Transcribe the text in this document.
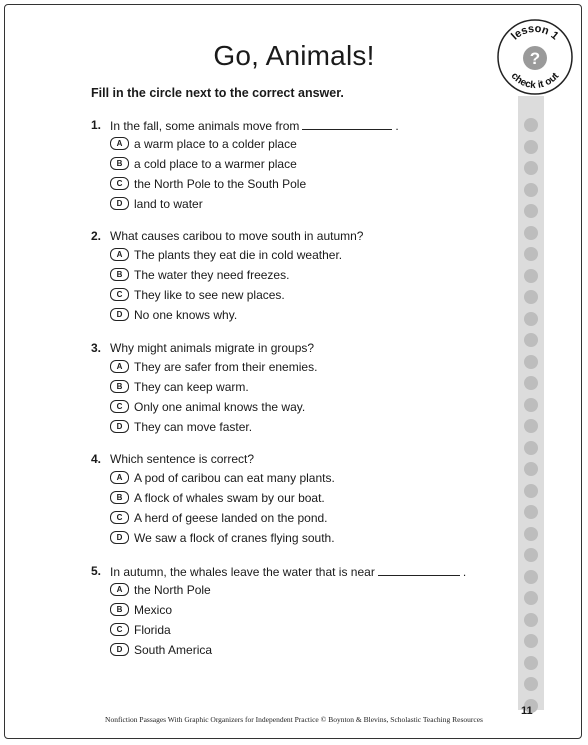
Go, Animals!
Fill in the circle next to the correct answer.
lesson 1
check it out
?
1. In the fall, some animals move from	.
A a warm place to a colder place
B a cold place to a warmer place
C the North Pole to the South Pole
D land to water
2. What causes caribou to move south in autumn?
A The plants they eat die in cold weather.
B The water they need freezes.
C They like to see new places.
D No one knows why.
3. Why might animals migrate in groups?
A They are safer from their enemies.
B They can keep warm.
C Only one animal knows the way.
D They can move faster.
4. Which sentence is correct?
A A pod of caribou can eat many plants.
B A flock of whales swam by our boat.
C A herd of geese landed on the pond.
D We saw a flock of cranes flying south.
5. In autumn, the whales leave the water that is near	.
A the North Pole
B Mexico
C Florida
D South America
11
Nonfiction Passages With Graphic Organizers for Independent Practice © Boynton & Blevins, Scholastic Teaching Resources
